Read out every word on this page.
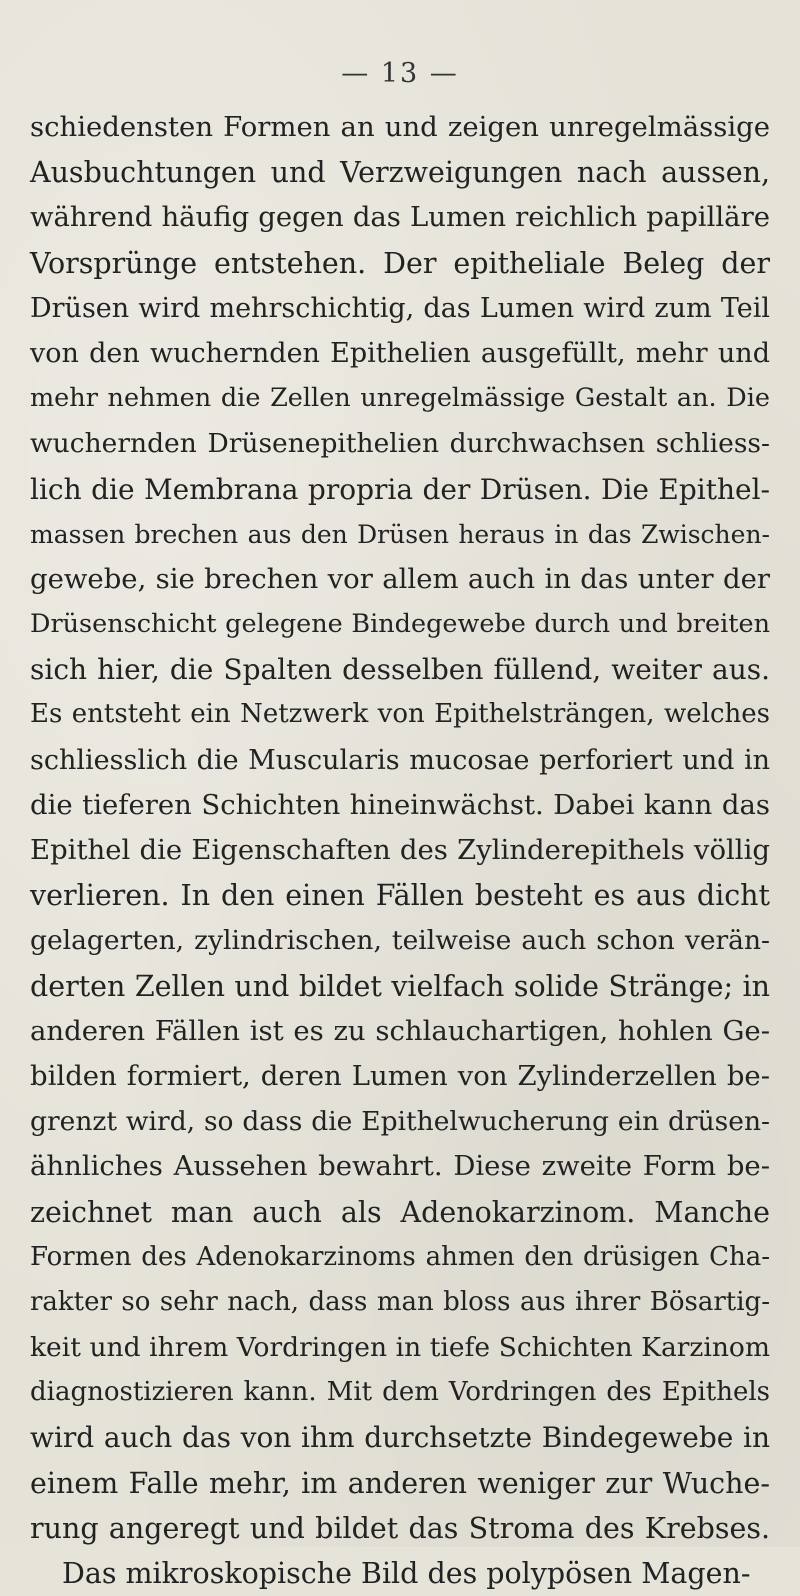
— 13 —
schiedensten Formen an und zeigen unregelmässige
Ausbuchtungen und Verzweigungen nach aussen,
während häufig gegen das Lumen reichlich papilläre
Vorsprünge entstehen. Der epitheliale Beleg der
Drüsen wird mehrschichtig, das Lumen wird zum Teil
von den wuchernden Epithelien ausgefüllt, mehr und
mehr nehmen die Zellen unregelmässige Gestalt an. Die
wuchernden Drüsenepithelien durchwachsen schliess-
lich die Membrana propria der Drüsen. Die Epithel-
massen brechen aus den Drüsen heraus in das Zwischen-
gewebe, sie brechen vor allem auch in das unter der
Drüsenschicht gelegene Bindegewebe durch und breiten
sich hier, die Spalten desselben füllend, weiter aus.
Es entsteht ein Netzwerk von Epithelsträngen, welches
schliesslich die Muscularis mucosae perforiert und in
die tieferen Schichten hineinwächst. Dabei kann das
Epithel die Eigenschaften des Zylinderepithels völlig
verlieren. In den einen Fällen besteht es aus dicht
gelagerten, zylindrischen, teilweise auch schon verän-
derten Zellen und bildet vielfach solide Stränge; in
anderen Fällen ist es zu schlauchartigen, hohlen Ge-
bilden formiert, deren Lumen von Zylinderzellen be-
grenzt wird, so dass die Epithelwucherung ein drüsen-
ähnliches Aussehen bewahrt. Diese zweite Form be-
zeichnet man auch als Adenokarzinom. Manche
Formen des Adenokarzinoms ahmen den drüsigen Cha-
rakter so sehr nach, dass man bloss aus ihrer Bösartig-
keit und ihrem Vordringen in tiefe Schichten Karzinom
diagnostizieren kann. Mit dem Vordringen des Epithels
wird auch das von ihm durchsetzte Bindegewebe in
einem Falle mehr, im anderen weniger zur Wuche-
rung angeregt und bildet das Stroma des Krebses.
Das mikroskopische Bild des polypösen Magen-
